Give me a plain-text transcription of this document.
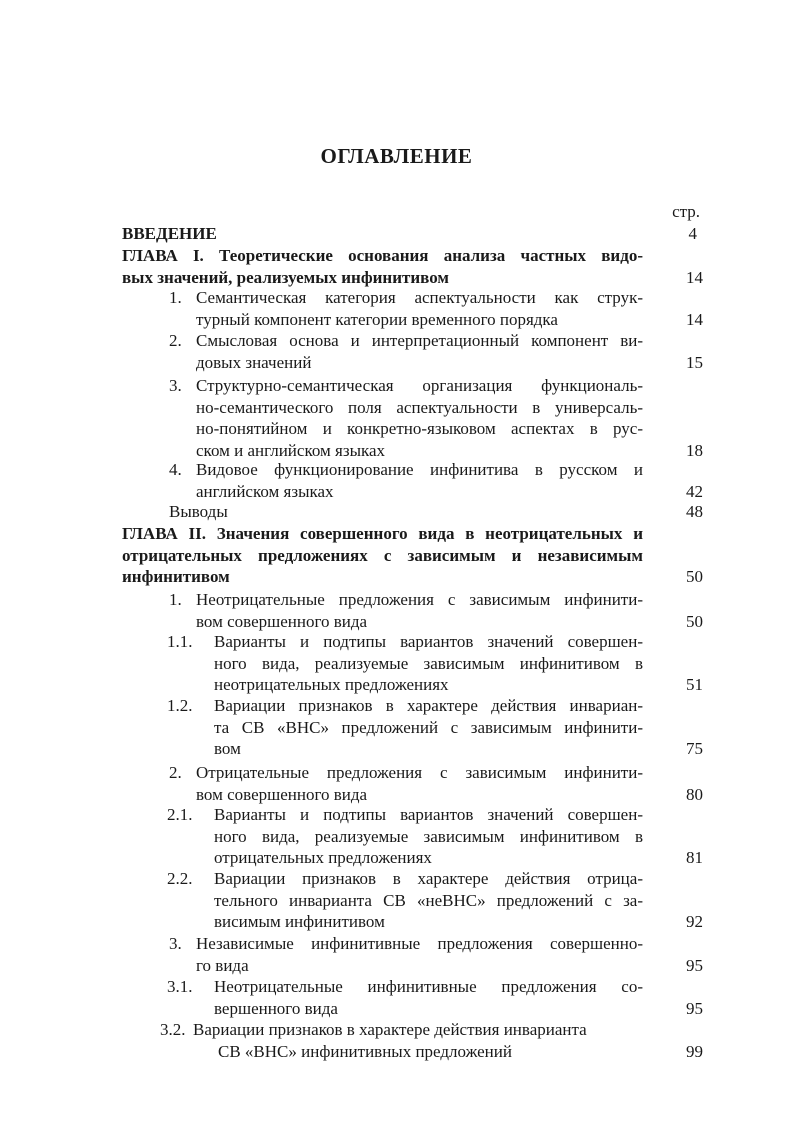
ОГЛАВЛЕНИЕ
стр.
ВВЕДЕНИЕ	4
ГЛАВА I. Теоретические основания анализа частных видо-
вых значений, реализуемых инфинитивом	14
1. Семантическая категория аспектуальности как струк-
турный компонент категории временного порядка	14
2. Смысловая основа и интерпретационный компонент ви-
довых значений	15
3. Структурно-семантическая организация функциональ-
но-семантического поля аспектуальности в универсаль-
но-понятийном и конкретно-языковом аспектах в рус-
ском и английском языках	18
4. Видовое функционирование инфинитива в русском и
английском языках	42
Выводы	48
ГЛАВА II. Значения совершенного вида в неотрицательных и
отрицательных предложениях с зависимым и независимым
инфинитивом	50
1. Неотрицательные предложения с зависимым инфинити-
вом совершенного вида	50
1.1. Варианты и подтипы вариантов значений совершен-
ного вида, реализуемые зависимым инфинитивом в
неотрицательных предложениях	51
1.2. Вариации признаков в характере действия инвариан-
та СВ «ВНС» предложений с зависимым инфинити-
вом	75
2. Отрицательные предложения с зависимым инфинити-
вом совершенного вида	80
2.1. Варианты и подтипы вариантов значений совершен-
ного вида, реализуемые зависимым инфинитивом в
отрицательных предложениях	81
2.2. Вариации признаков в характере действия отрица-
тельного инварианта СВ «неВНС» предложений с за-
висимым инфинитивом	92
3. Независимые инфинитивные предложения совершенно-
го вида	95
3.1. Неотрицательные инфинитивные предложения со-
вершенного вида	95
3.2. Вариации признаков в характере действия инварианта
СВ «ВНС» инфинитивных предложений	99
